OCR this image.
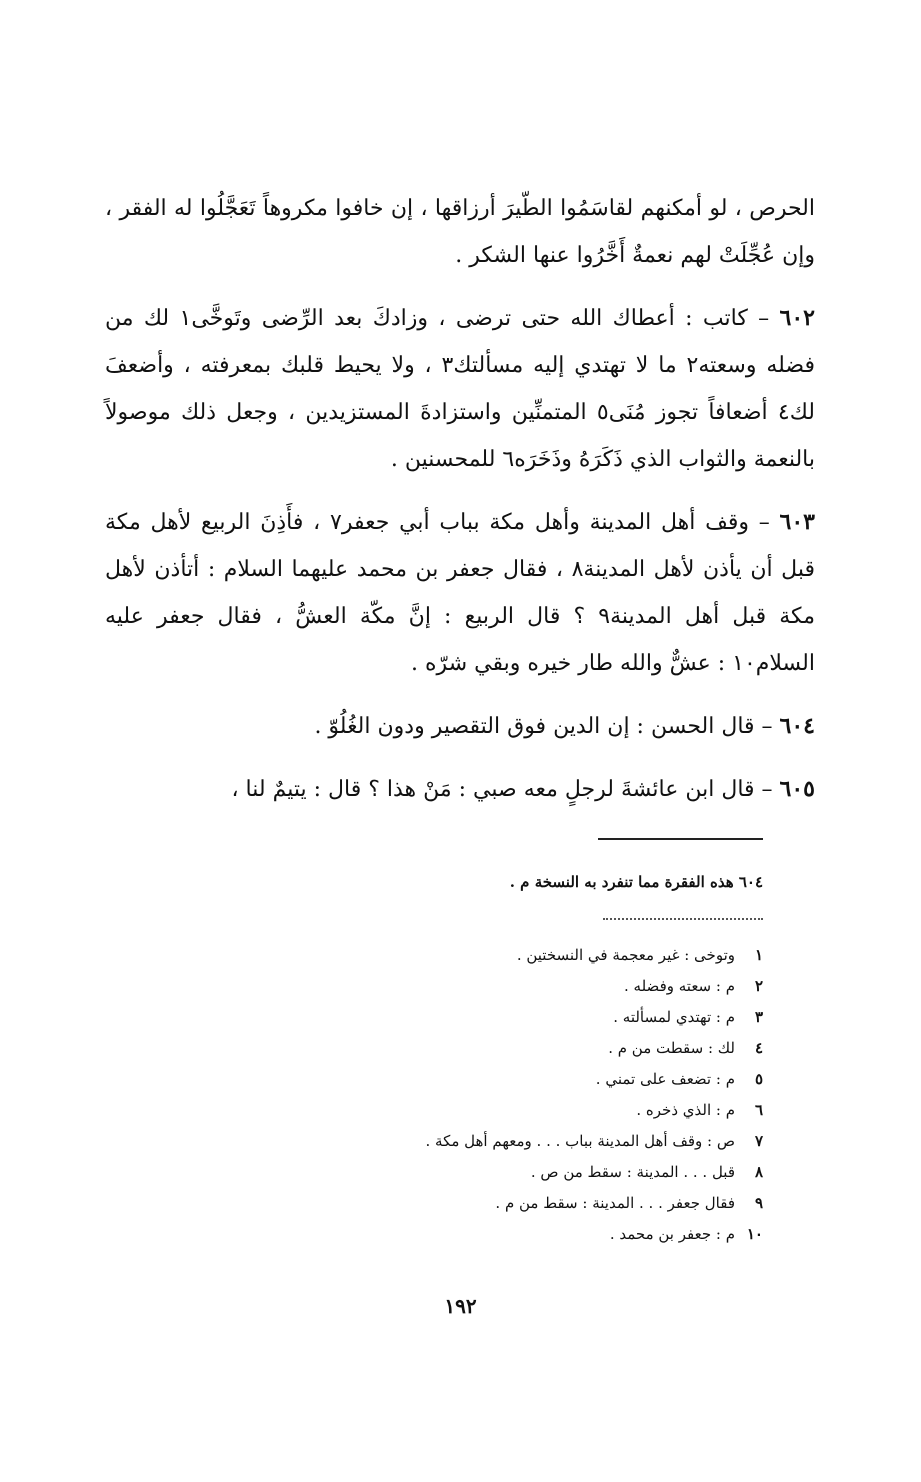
الحرص ، لو أمكنهم لقاسَمُوا الطّيرَ أرزاقها ، إن خافوا مكروهاً تَعَجَّلُوا له الفقر ، وإن عُجِّلَتْ لهم نعمةٌ أَخَّرُوا عنها الشكر .

٦٠٢ – كاتب : أعطاك الله حتى ترضى ، وزادكَ بعد الرِّضى وتَوخَّى١ لك من فضله وسعته٢ ما لا تهتدي إليه مسألتك٣ ، ولا يحيط قلبك بمعرفته ، وأضعفَ لك٤ أضعافاً تجوز مُنَى٥ المتمنِّين واستزادةَ المستزيدين ، وجعل ذلك موصولاً بالنعمة والثواب الذي ذَكَرَهُ وذَخَرَه٦ للمحسنين .

٦٠٣ – وقف أهل المدينة وأهل مكة بباب أبي جعفر٧ ، فأَذِنَ الربيع لأهل مكة قبل أن يأذن لأهل المدينة٨ ، فقال جعفر بن محمد عليهما السلام : أتأذن لأهل مكة قبل أهل المدينة٩ ؟ قال الربيع : إنَّ مكّة العشُّ ، فقال جعفر عليه السلام١٠ : عشٌّ والله طار خيره وبقي شرّه .

٦٠٤ – قال الحسن : إن الدين فوق التقصير ودون الغُلُوّ .

٦٠٥ – قال ابن عائشةَ لرجلٍ معه صبي : مَنْ هذا ؟ قال : يتيمٌ لنا ،

٦٠٤ هذه الفقرة مما تنفرد به النسخة م .
١
وتوخى : غير معجمة في النسختين .
٢
م : سعته وفضله .
٣
م : تهتدي لمسألته .
٤
لك : سقطت من م .
٥
م : تضعف على تمني .
٦
م : الذي ذخره .
٧
ص : وقف أهل المدينة بباب . . . ومعهم أهل مكة .
٨
قبل . . . المدينة : سقط من ص .
٩
فقال جعفر . . . المدينة : سقط من م .
١٠
م : جعفر بن محمد .
١٩٢
